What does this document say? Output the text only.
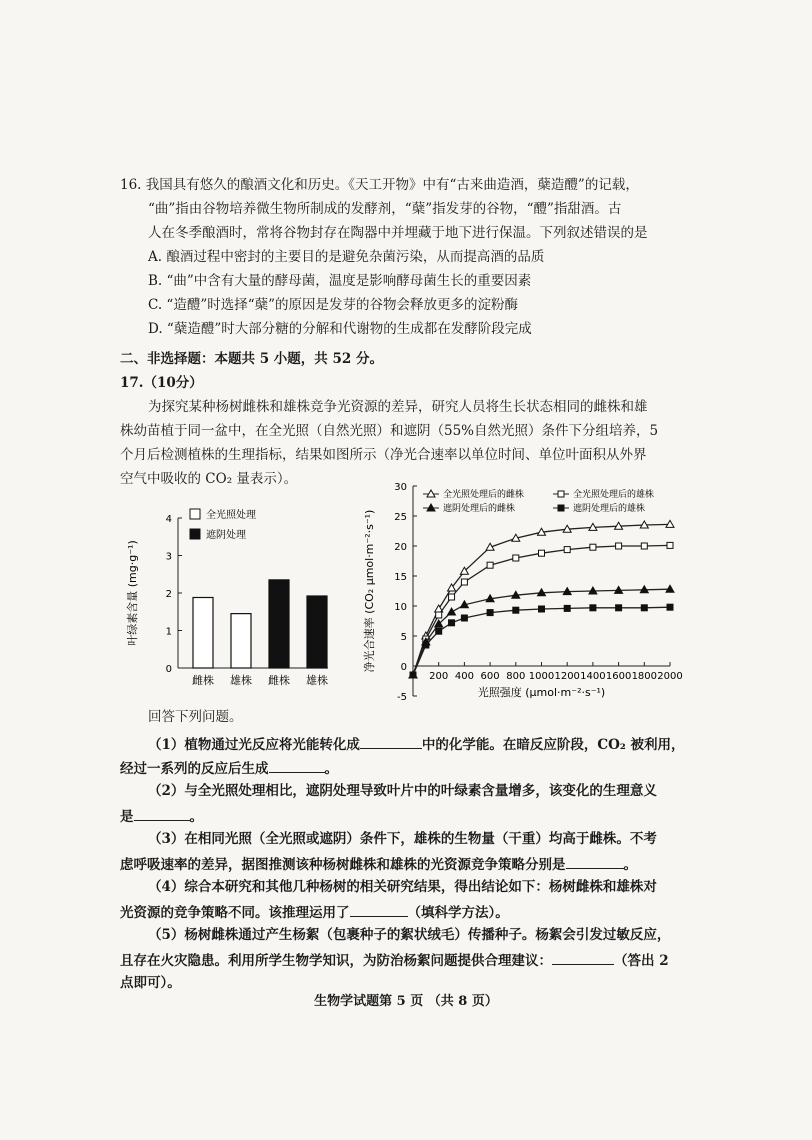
16. 我国具有悠久的酿酒文化和历史。《天工开物》中有“古来曲造酒，蘖造醴”的记载，
“曲”指由谷物培养微生物所制成的发酵剂，“蘖”指发芽的谷物，“醴”指甜酒。古
人在冬季酿酒时，常将谷物封存在陶器中并埋藏于地下进行保温。下列叙述错误的是
A. 酿酒过程中密封的主要目的是避免杂菌污染，从而提高酒的品质
B. “曲”中含有大量的酵母菌，温度是影响酵母菌生长的重要因素
C. “造醴”时选择“蘖”的原因是发芽的谷物会释放更多的淀粉酶
D. “蘖造醴”时大部分糖的分解和代谢物的生成都在发酵阶段完成
二、非选择题：本题共 5 小题，共 52 分。
17.（10分）
为探究某种杨树雌株和雄株竞争光资源的差异，研究人员将生长状态相同的雌株和雄
株幼苗植于同一盆中，在全光照（自然光照）和遮阴（55%自然光照）条件下分组培养，5
个月后检测植株的生理指标，结果如图所示（净光合速率以单位时间、单位叶面积从外界
空气中吸收的 CO₂ 量表示）。
0
1
2
3
4
叶绿素含量 (mg·g⁻¹)
雌株 雄株 雌株 雄株
全光照处理
遮阴处理
-5
0
5
10
15
20
25
30
200 400 600 800 1000 1200 1400 1600 1800 2000
净光合速率 (CO₂ μmol·m⁻²·s⁻¹)
光照强度 (μmol·m⁻²·s⁻¹)
全光照处理后的雌株	全光照处理后的雄株
遮阴处理后的雌株	遮阴处理后的雄株
回答下列问题。
（1）植物通过光反应将光能转化成	中的化学能。在暗反应阶段，CO₂ 被利用，
经过一系列的反应后生成	。
（2）与全光照处理相比，遮阴处理导致叶片中的叶绿素含量增多，该变化的生理意义
是	。
（3）在相同光照（全光照或遮阴）条件下，雄株的生物量（干重）均高于雌株。不考
虑呼吸速率的差异，据图推测该种杨树雌株和雄株的光资源竞争策略分别是	。
（4）综合本研究和其他几种杨树的相关研究结果，得出结论如下：杨树雌株和雄株对
光资源的竞争策略不同。该推理运用了	（填科学方法）。
（5）杨树雌株通过产生杨絮（包裹种子的絮状绒毛）传播种子。杨絮会引发过敏反应，
且存在火灾隐患。利用所学生物学知识，为防治杨絮问题提供合理建议：	（答出 2
点即可）。
生物学试题第 5 页 （共 8 页）
